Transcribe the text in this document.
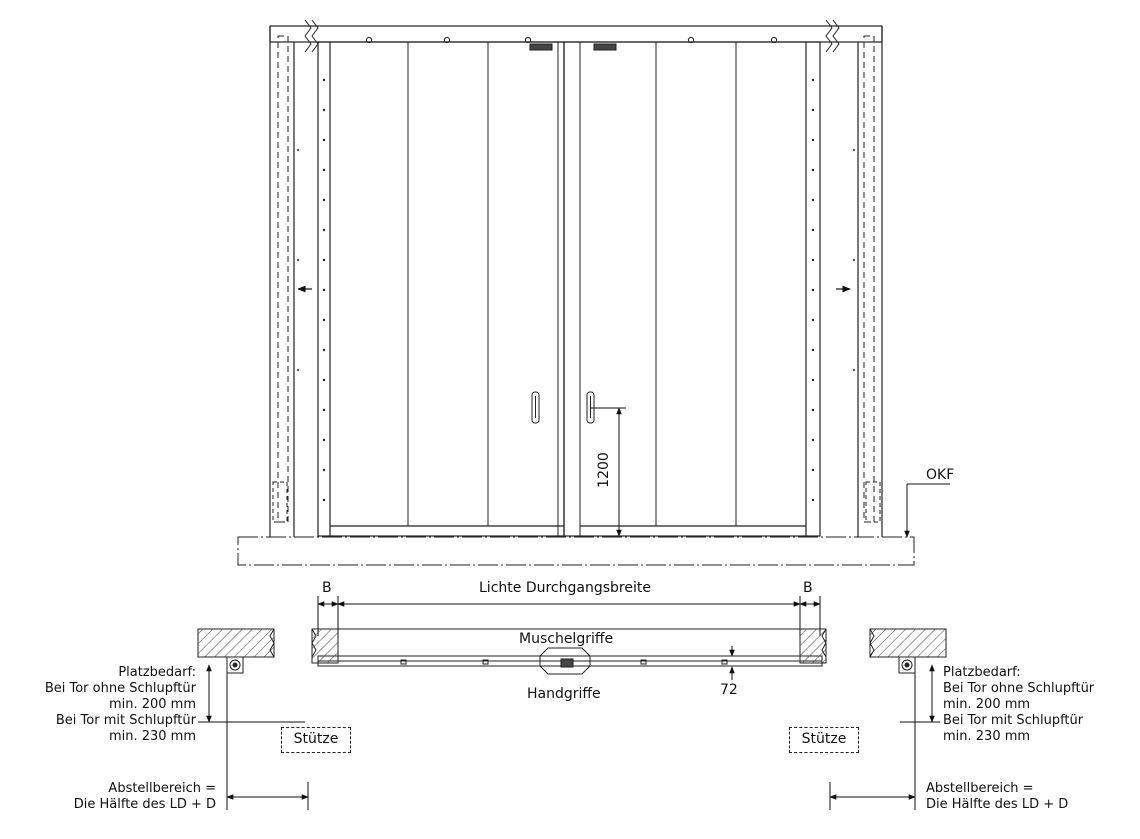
OKF
1200
B	Lichte Durchgangsbreite	B
Muschelgriffe
Handgriffe	72
Platzbedarf:
Bei Tor ohne Schlupftür
min. 200 mm
Bei Tor mit Schlupftür
min. 230 mm
Platzbedarf:
Bei Tor ohne Schlupftür
min. 200 mm
Bei Tor mit Schlupftür
min. 230 mm
Stütze	Stütze
Abstellbereich =
Die Hälfte des LD + D
Abstellbereich =
Die Hälfte des LD + D
